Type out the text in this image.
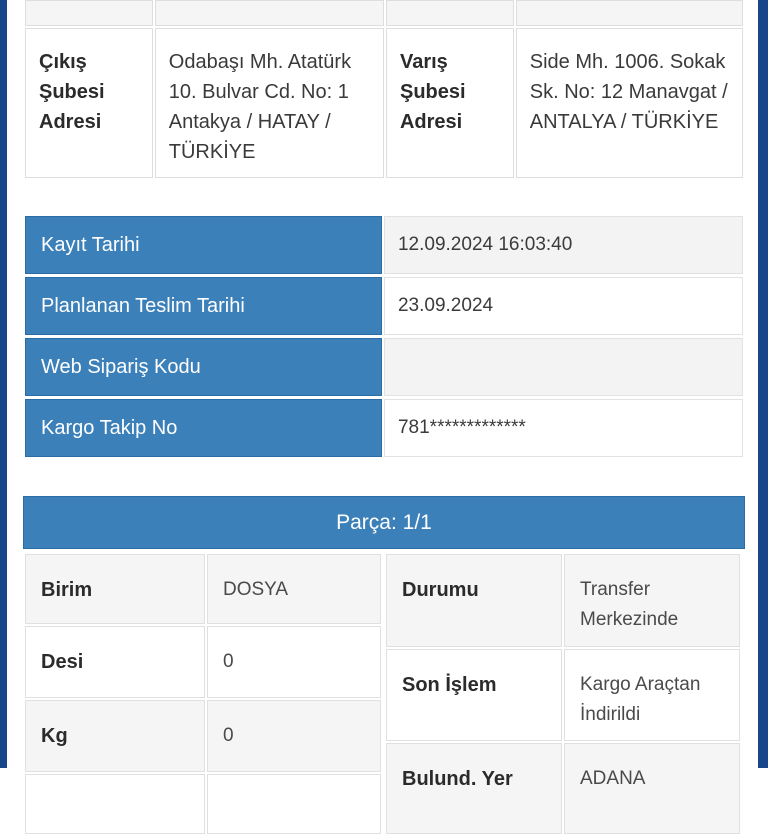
Çıkış Şubesi Adresi	Odabaşı Mh. Atatürk 10. Bulvar Cd. No: 1 Antakya / HATAY / TÜRKİYE	Varış Şubesi Adresi	Side Mh. 1006. Sokak Sk. No: 12 Manavgat / ANTALYA / TÜRKİYE
Kayıt Tarihi	12.09.2024 16:03:40
Planlanan Teslim Tarihi	23.09.2024
Web Sipariş Kodu	
Kargo Takip No	781*************
Parça: 1/1
Birim	DOSYA
Desi	0
Kg	0

Durumu	Transfer Merkezinde
Son İşlem	Kargo Araçtan İndirildi
Bulund. Yer	ADANA
